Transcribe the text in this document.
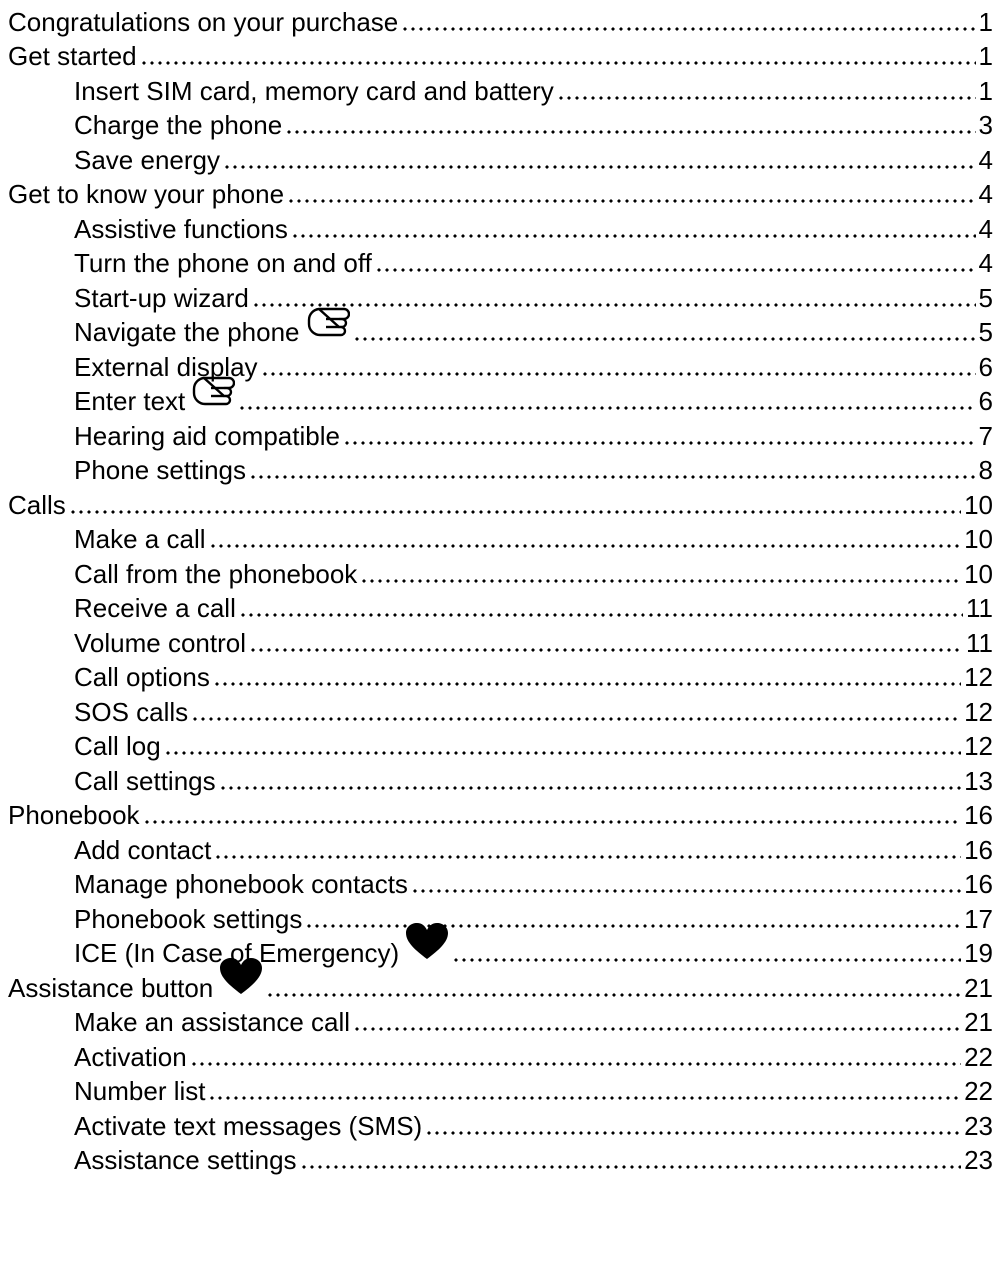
Congratulations on your purchase	1
Get started	1
Insert SIM card, memory card and battery	1
Charge the phone	3
Save energy	4
Get to know your phone	4
Assistive functions	4
Turn the phone on and off	4
Start-up wizard	5
Navigate the phone	5
External display	6
Enter text	6
Hearing aid compatible	7
Phone settings	8
Calls	10
Make a call	10
Call from the phonebook	10
Receive a call	11
Volume control	11
Call options	12
SOS calls	12
Call log	12
Call settings	13
Phonebook	16
Add contact	16
Manage phonebook contacts	16
Phonebook settings	17
ICE (In Case of Emergency)	19
Assistance button	21
Make an assistance call	21
Activation	22
Number list	22
Activate text messages (SMS)	23
Assistance settings	23
